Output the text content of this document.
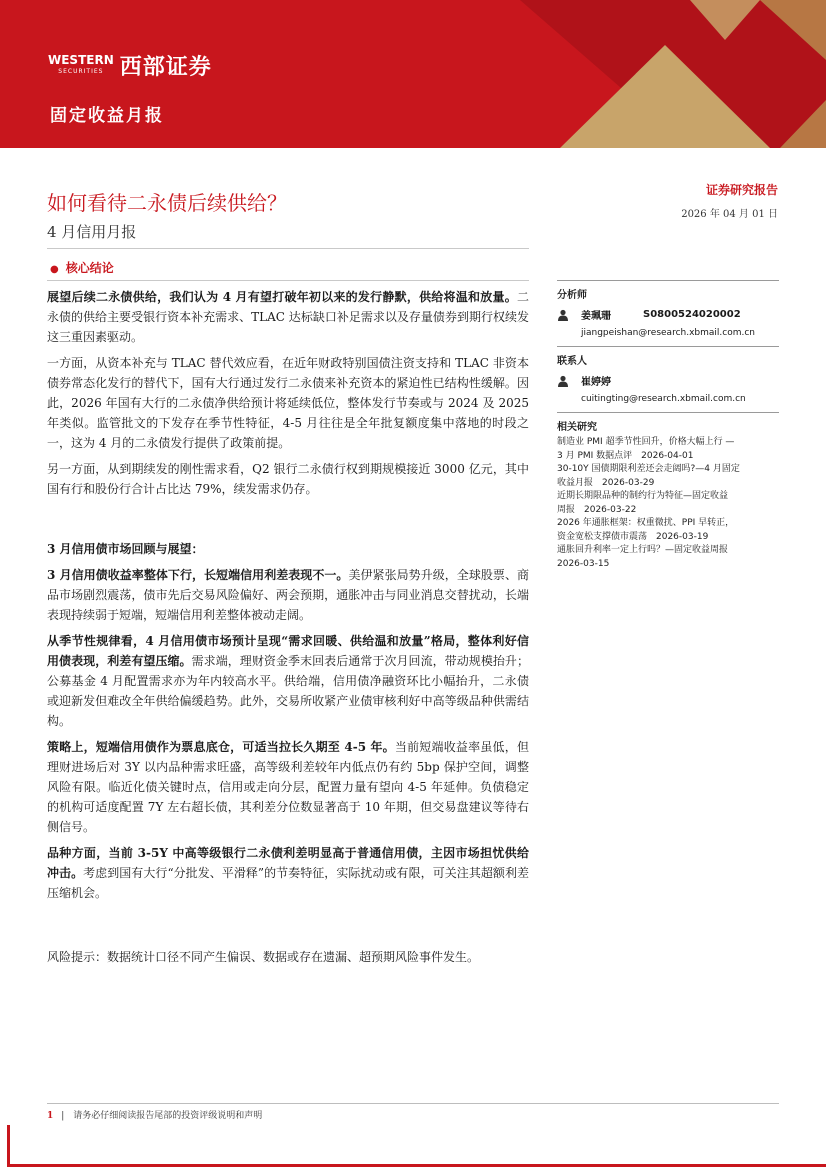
WESTERN
SECURITIES 西部证券
固定收益月报
如何看待二永债后续供给？
4 月信用月报
证券研究报告
2026 年 04 月 01 日
● 核心结论

展望后续二永债供给，我们认为 4 月有望打破年初以来的发行静默，供给将温和放量。二永债的供给主要受银行资本补充需求、TLAC 达标缺口补足需求以及存量债券到期行权续发这三重因素驱动。

一方面，从资本补充与 TLAC 替代效应看，在近年财政特别国债注资支持和 TLAC 非资本债券常态化发行的替代下，国有大行通过发行二永债来补充资本的紧迫性已结构性缓解。因此，2026 年国有大行的二永债净供给预计将延续低位，整体发行节奏或与 2024 及 2025 年类似。监管批文的下发存在季节性特征，4-5 月往往是全年批复额度集中落地的时段之一，这为 4 月的二永债发行提供了政策前提。

另一方面，从到期续发的刚性需求看，Q2 银行二永债行权到期规模接近 3000 亿元，其中国有行和股份行合计占比达 79%，续发需求仍存。

3 月信用债市场回顾与展望：

3 月信用债收益率整体下行，长短端信用利差表现不一。美伊紧张局势升级，全球股票、商品市场剧烈震荡，债市先后交易风险偏好、两会预期，通胀冲击与同业消息交替扰动，长端表现持续弱于短端，短端信用利差整体被动走阔。

从季节性规律看，4 月信用债市场预计呈现“需求回暖、供给温和放量”格局，整体利好信用债表现，利差有望压缩。需求端，理财资金季末回表后通常于次月回流，带动规模抬升；公募基金 4 月配置需求亦为年内较高水平。供给端，信用债净融资环比小幅抬升，二永债或迎新发但难改全年供给偏缓趋势。此外，交易所收紧产业债审核利好中高等级品种供需结构。

策略上，短端信用债作为票息底仓，可适当拉长久期至 4-5 年。当前短端收益率虽低，但理财进场后对 3Y 以内品种需求旺盛，高等级利差较年内低点仍有约 5bp 保护空间，调整风险有限。临近化债关键时点，信用或走向分层，配置力量有望向 4-5 年延伸。负债稳定的机构可适度配置 7Y 左右超长债，其利差分位数显著高于 10 年期，但交易盘建议等待右侧信号。

品种方面，当前 3-5Y 中高等级银行二永债利差明显高于普通信用债，主因市场担忧供给冲击。考虑到国有大行“分批发、平滑释”的节奏特征，实际扰动或有限，可关注其超额利差压缩机会。

风险提示：数据统计口径不同产生偏误、数据或存在遗漏、超预期风险事件发生。

分析师
姜珮珊	S0800524020002
jiangpeishan@research.xbmail.com.cn
联系人
崔婷婷
cuitingting@research.xbmail.com.cn
相关研究
制造业 PMI 超季节性回升，价格大幅上行 —
3 月 PMI 数据点评　2026-04-01
30-10Y 国债期限利差还会走阔吗?—4 月固定
收益月报　2026-03-29
近期长期限品种的制约行为特征—固定收益
周报　2026-03-22
2026 年通胀框架：权重微扰、PPI 早转正，
资金宽松支撑债市震荡　2026-03-19
通胀回升利率一定上行吗？—固定收益周报
2026-03-15
1 |　请务必仔细阅读报告尾部的投资评级说明和声明
